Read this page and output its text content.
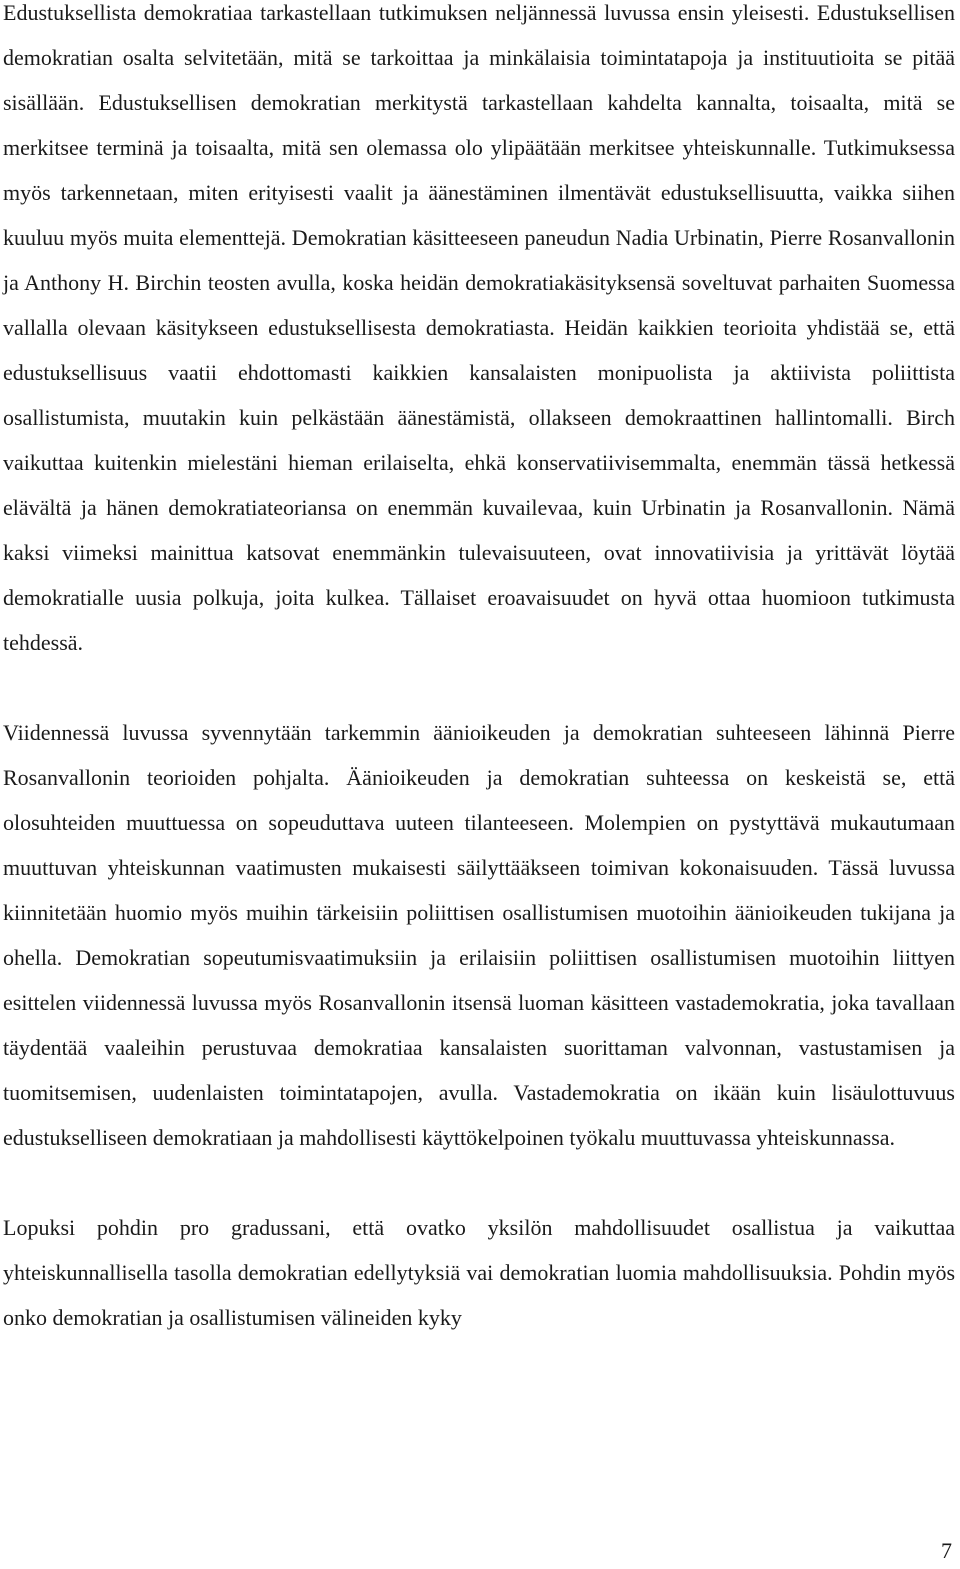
Edustuksellista demokratiaa tarkastellaan tutkimuksen neljännessä luvussa ensin yleisesti. Edustuksellisen demokratian osalta selvitetään, mitä se tarkoittaa ja minkälaisia toimintatapoja ja instituutioita se pitää sisällään. Edustuksellisen demokratian merkitystä tarkastellaan kahdelta kannalta, toisaalta, mitä se merkitsee terminä ja toisaalta, mitä sen olemassa olo ylipäätään merkitsee yhteiskunnalle. Tutkimuksessa myös tarkennetaan, miten erityisesti vaalit ja äänestäminen ilmentävät edustuksellisuutta, vaikka siihen kuuluu myös muita elementtejä. Demokratian käsitteeseen paneudun Nadia Urbinatin, Pierre Rosanvallonin ja Anthony H. Birchin teosten avulla, koska heidän demokratiakäsityksensä soveltuvat parhaiten Suomessa vallalla olevaan käsitykseen edustuksellisesta demokratiasta. Heidän kaikkien teorioita yhdistää se, että edustuksellisuus vaatii ehdottomasti kaikkien kansalaisten monipuolista ja aktiivista poliittista osallistumista, muutakin kuin pelkästään äänestämistä, ollakseen demokraattinen hallintomalli. Birch vaikuttaa kuitenkin mielestäni hieman erilaiselta, ehkä konservatiivisemmalta, enemmän tässä hetkessä elävältä ja hänen demokratiateoriansa on enemmän kuvailevaa, kuin Urbinatin ja Rosanvallonin. Nämä kaksi viimeksi mainittua katsovat enemmänkin tulevaisuuteen, ovat innovatiivisia ja yrittävät löytää demokratialle uusia polkuja, joita kulkea. Tällaiset eroavaisuudet on hyvä ottaa huomioon tutkimusta tehdessä.

Viidennessä luvussa syvennytään tarkemmin äänioikeuden ja demokratian suhteeseen lähinnä Pierre Rosanvallonin teorioiden pohjalta. Äänioikeuden ja demokratian suhteessa on keskeistä se, että olosuhteiden muuttuessa on sopeuduttava uuteen tilanteeseen. Molempien on pystyttävä mukautumaan muuttuvan yhteiskunnan vaatimusten mukaisesti säilyttääkseen toimivan kokonaisuuden. Tässä luvussa kiinnitetään huomio myös muihin tärkeisiin poliittisen osallistumisen muotoihin äänioikeuden tukijana ja ohella. Demokratian sopeutumisvaatimuksiin ja erilaisiin poliittisen osallistumisen muotoihin liittyen esittelen viidennessä luvussa myös Rosanvallonin itsensä luoman käsitteen vastademokratia, joka tavallaan täydentää vaaleihin perustuvaa demokratiaa kansalaisten suorittaman valvonnan, vastustamisen ja tuomitsemisen, uudenlaisten toimintatapojen, avulla. Vastademokratia on ikään kuin lisäulottuvuus edustukselliseen demokratiaan ja mahdollisesti käyttökelpoinen työkalu muuttuvassa yhteiskunnassa.

Lopuksi pohdin pro gradussani, että ovatko yksilön mahdollisuudet osallistua ja vaikuttaa yhteiskunnallisella tasolla demokratian edellytyksiä vai demokratian luomia mahdollisuuksia. Pohdin myös onko demokratian ja osallistumisen välineiden kyky

7
